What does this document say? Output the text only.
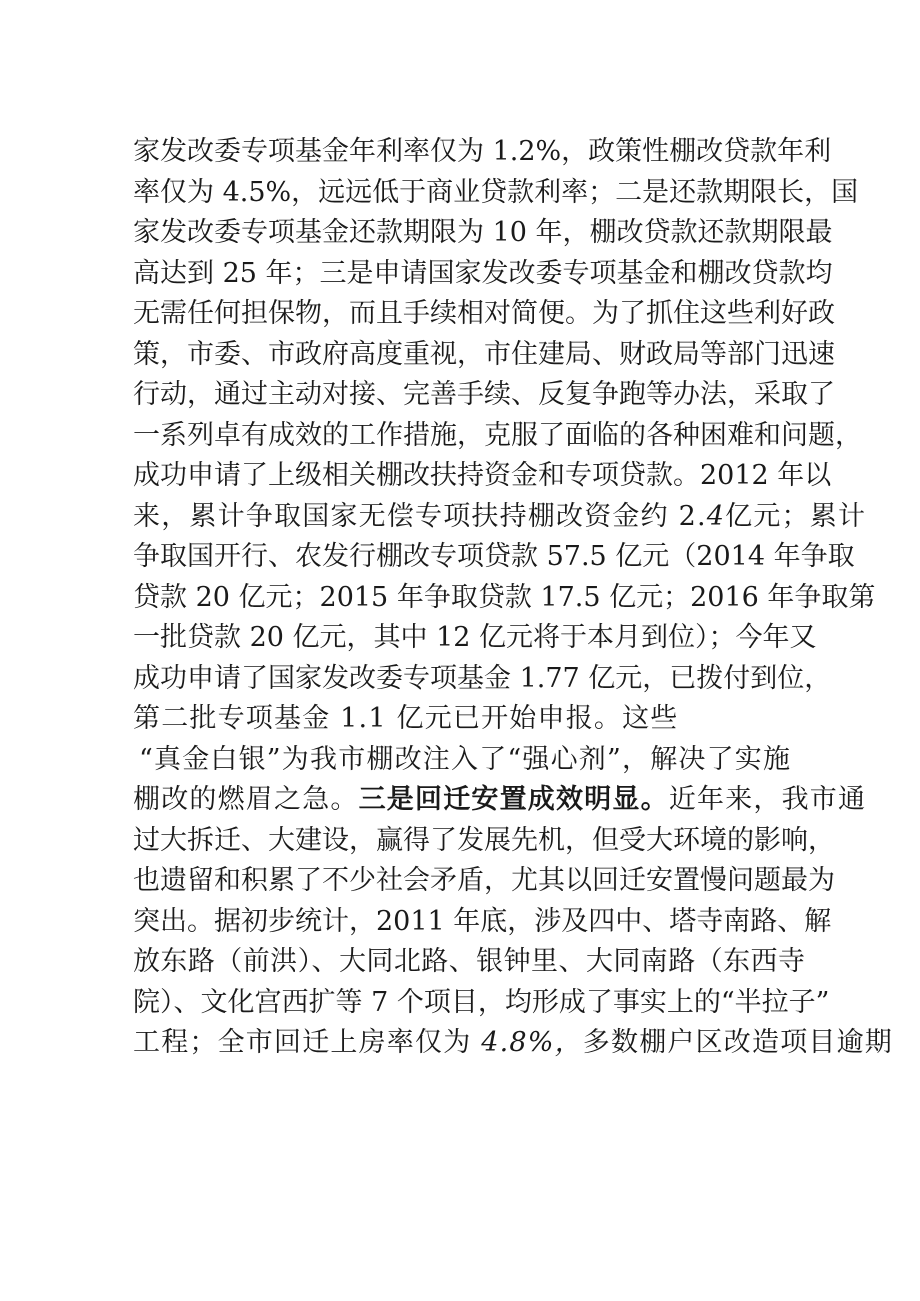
家发改委专项基金年利率仅为 1.2%，政策性棚改贷款年利
率仅为 4.5%，远远低于商业贷款利率；二是还款期限长，国
家发改委专项基金还款期限为 10 年，棚改贷款还款期限最
高达到 25 年；三是申请国家发改委专项基金和棚改贷款均
无需任何担保物，而且手续相对简便。为了抓住这些利好政
策，市委、市政府高度重视，市住建局、财政局等部门迅速
行动，通过主动对接、完善手续、反复争跑等办法，采取了
一系列卓有成效的工作措施，克服了面临的各种困难和问题，
成功申请了上级相关棚改扶持资金和专项贷款。2012 年以
来，累计争取国家无偿专项扶持棚改资金约 2.4亿元；累计
争取国开行、农发行棚改专项贷款 57.5 亿元（2014 年争取
贷款 20 亿元；2015 年争取贷款 17.5 亿元；2016 年争取第
一批贷款 20 亿元，其中 12 亿元将于本月到位）；今年又
成功申请了国家发改委专项基金 1.77 亿元，已拨付到位，
第二批专项基金 1.1 亿元已开始申报。这些
“真金白银”为我市棚改注入了“强心剂”，解决了实施
棚改的燃眉之急。三是回迁安置成效明显。近年来，我市通
过大拆迁、大建设，赢得了发展先机，但受大环境的影响，
也遗留和积累了不少社会矛盾，尤其以回迁安置慢问题最为
突出。据初步统计，2011 年底，涉及四中、塔寺南路、解
放东路（前洪）、大同北路、银钟里、大同南路（东西寺
院）、文化宫西扩等 7 个项目，均形成了事实上的“半拉子”
工程；全市回迁上房率仅为 4.8%，多数棚户区改造项目逾期
